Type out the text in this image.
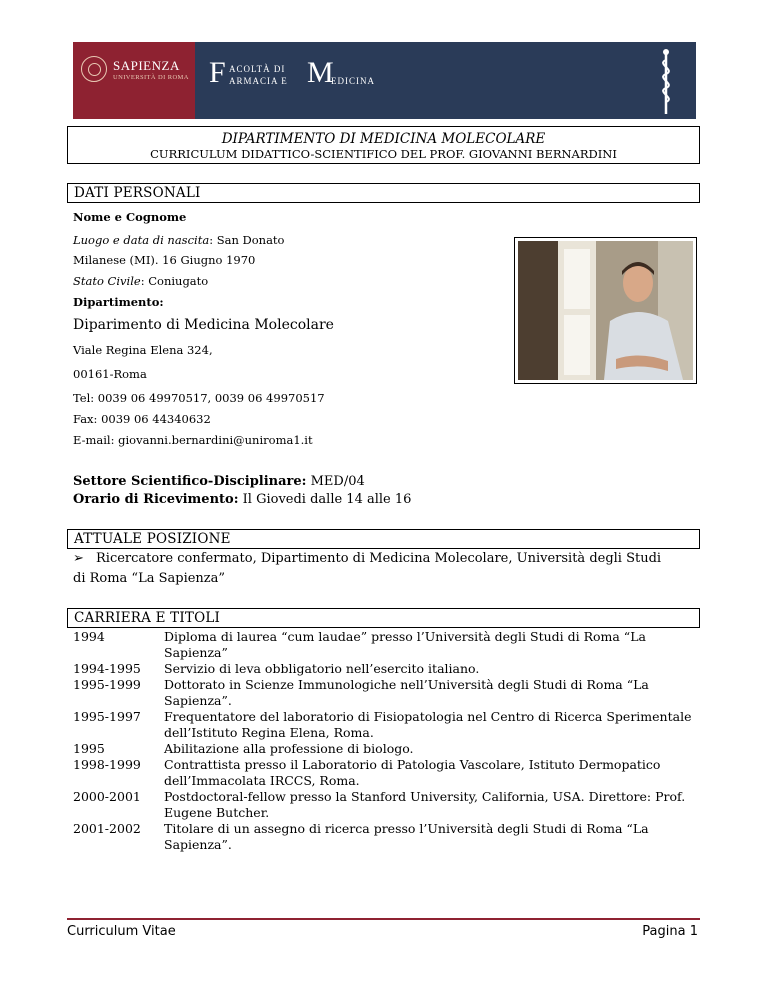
SAPIENZA
UNIVERSITÀ DI ROMA F ACOLTÀ DI
ARMACIA E M
EDICINA
DIPARTIMENTO DI MEDICINA MOLECOLARE
CURRICULUM DIDATTICO-SCIENTIFICO DEL PROF. GIOVANNI BERNARDINI
DATI PERSONALI
Nome e Cognome
Luogo e data di nascita: San Donato
Milanese (MI). 16 Giugno 1970
Stato Civile: Coniugato
Dipartimento:
Diparimento di Medicina Molecolare
Viale Regina Elena 324,
00161-Roma
Tel: 0039 06 49970517, 0039 06 49970517
Fax: 0039 06 44340632
E-mail: giovanni.bernardini@uniroma1.it
Settore Scientifico-Disciplinare: MED/04
Orario di Ricevimento: Il Giovedi dalle 14 alle 16
ATTUALE POSIZIONE
➢ Ricercatore confermato, Dipartimento di Medicina Molecolare, Università degli Studi
di Roma “La Sapienza”
CARRIERA E TITOLI
1994	Diploma di laurea “cum laudae” presso l’Università degli Studi di Roma “La Sapienza”
1994-1995 Servizio di leva obbligatorio nell’esercito italiano.
1995-1999 Dottorato in Scienze Immunologiche nell’Università degli Studi di Roma “La Sapienza”.
1995-1997 Frequentatore del laboratorio di Fisiopatologia nel Centro di Ricerca Sperimentale dell’Istituto Regina Elena, Roma.
1995	Abilitazione alla professione di biologo.
1998-1999 Contrattista presso il Laboratorio di Patologia Vascolare, Istituto Dermopatico dell’Immacolata IRCCS, Roma.
2000-2001 Postdoctoral-fellow presso la Stanford University, California, USA. Direttore: Prof. Eugene Butcher.
2001-2002 Titolare di un assegno di ricerca presso l’Università degli Studi di Roma “La Sapienza”.
Curriculum Vitae	Pagina 1
